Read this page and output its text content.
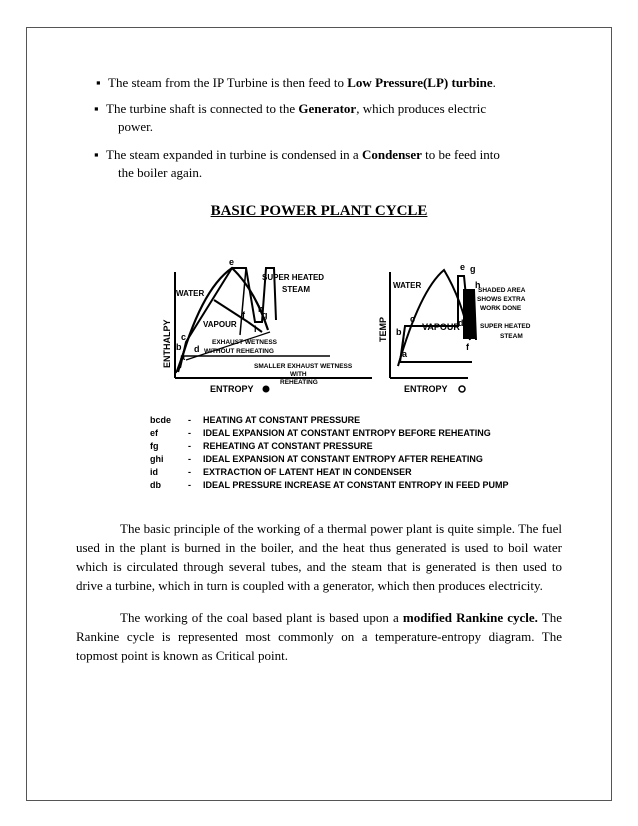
▪ The steam from the IP Turbine is then feed to Low Pressure(LP) turbine.
▪ The turbine shaft is connected to the Generator, which produces electric
power.
▪ The steam expanded in turbine is condensed in a Condenser to be feed into
the boiler again.
BASIC POWER PLANT CYCLE
ENTHALPY
ENTROPY
WATER
VAPOUR
SUPER HEATED
STEAM
EXHAUST WETNESS
WITHOUT REHEATING
SMALLER EXHAUST WETNESS
WITH
REHEATING
a
b
c
d
e
f g
h
i	TEMP
ENTROPY
WATER
VAPOUR
SHADED AREA
SHOWS EXTRA
WORK DONE
SUPER HEATED
STEAM
a
b
c	d
e
f
g
h
bcde - HEATING AT CONSTANT PRESSURE
ef	- IDEAL EXPANSION AT CONSTANT ENTROPY BEFORE REHEATING
fg	- REHEATING AT CONSTANT PRESSURE
ghi	- IDEAL EXPANSION AT CONSTANT ENTROPY AFTER REHEATING
id	- EXTRACTION OF LATENT HEAT IN CONDENSER
db	- IDEAL PRESSURE INCREASE AT CONSTANT ENTROPY IN FEED PUMP
The basic principle of the working of a thermal power plant is quite simple. The fuel used in the plant is burned in the boiler, and the heat thus generated is used to boil water which is circulated through several tubes, and the steam that is generated is then used to drive a turbine, which in turn is coupled with a generator, which then produces electricity.
The working of the coal based plant is based upon a modified Rankine cycle. The Rankine cycle is represented most commonly on a temperature-entropy diagram. The topmost point is known as Critical point.
